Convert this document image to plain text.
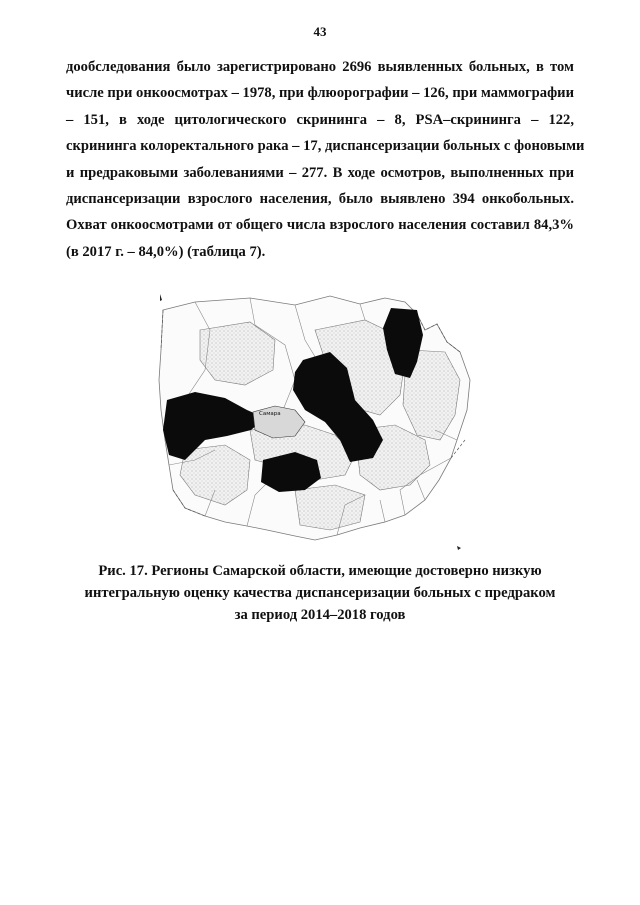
43
дообследования было зарегистрировано 2696 выявленных больных, в том
числе при онкоосмотрах – 1978, при флюорографии – 126, при маммографии
– 151, в ходе цитологического скрининга – 8, PSA–скрининга – 122,
скрининга колоректального рака – 17, диспансеризации больных с фоновыми
и предраковыми заболеваниями – 277. В ходе осмотров, выполненных при
диспансеризации взрослого населения, было выявлено 394 онкобольных.
Охват онкоосмотрами от общего числа взрослого населения составил 84,3%
(в 2017 г. – 84,0%) (таблица 7).
Самара
Рис. 17. Регионы Самарской области, имеющие достоверно низкую
интегральную оценку качества диспансеризации больных с предраком
за период 2014–2018 годов
